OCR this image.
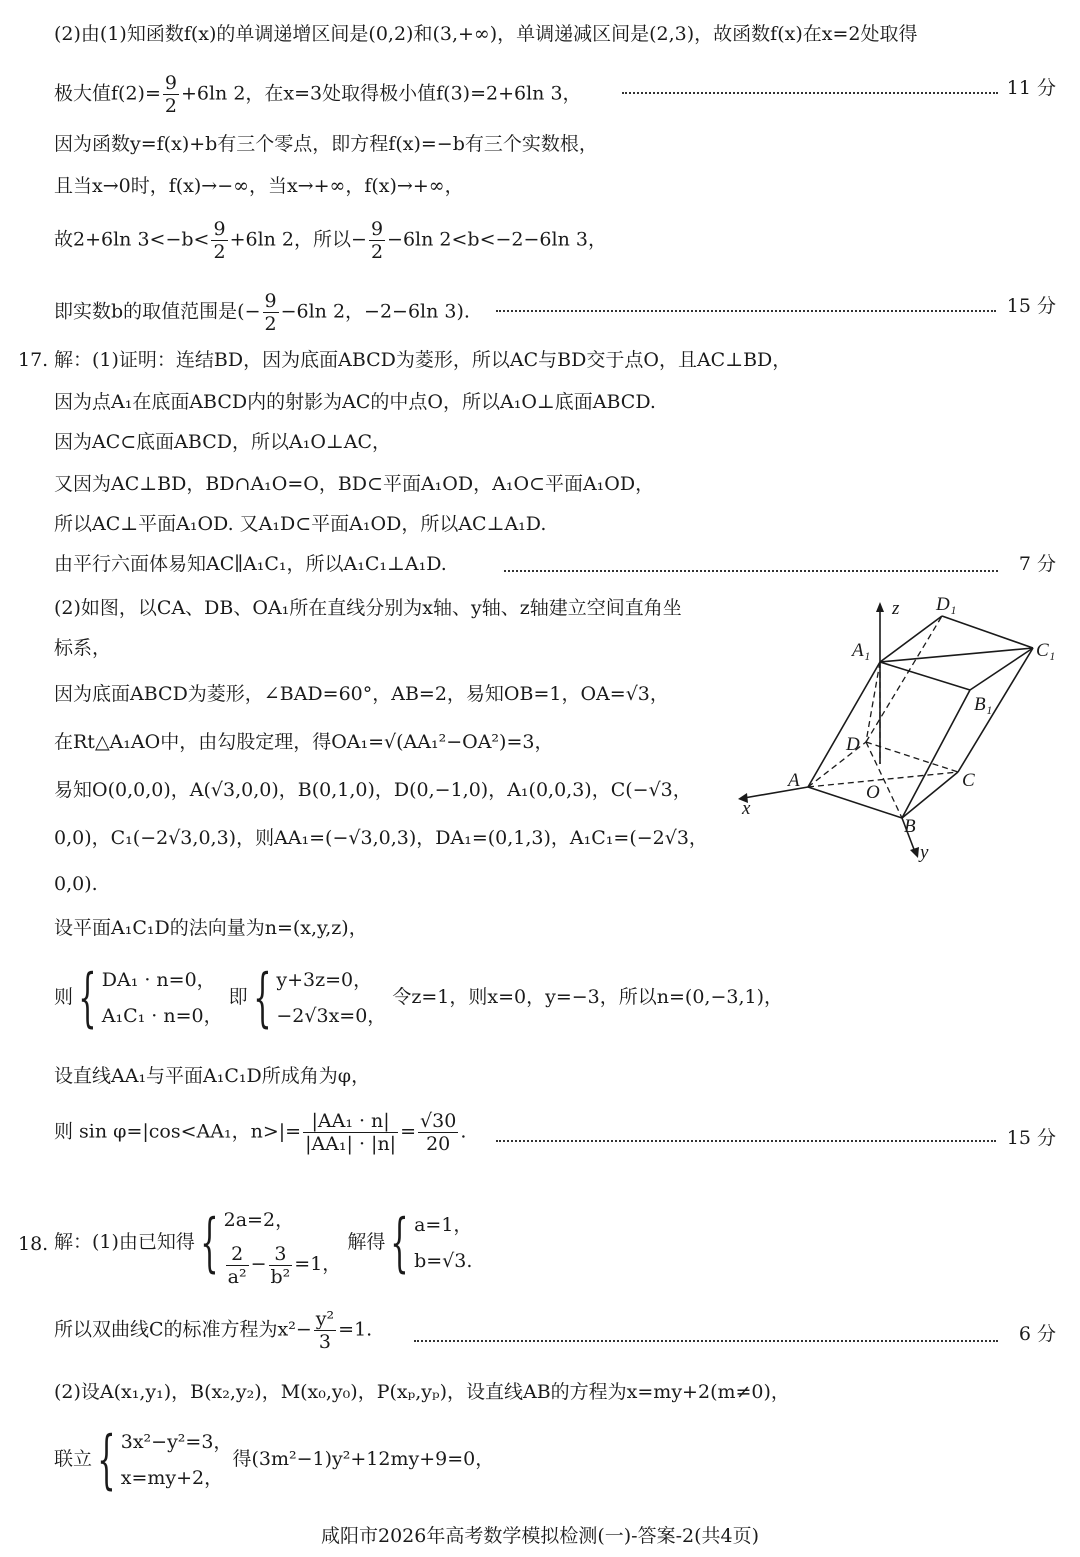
(2)由(1)知函数f(x)的单调递增区间是(0,2)和(3,+∞)，单调递减区间是(2,3)，故函数f(x)在x=2处取得
极大值$f(2)= \frac{9}{2} +6\ln$ 2，在x=3处取得极小值f(3)=2+6ln 3，	11 分
因为函数y=f(x)+b有三个零点，即方程f(x)=−b有三个实数根，
且当x→0时，f(x)→−∞，当x→+∞，f(x)→+∞，
故2+6ln $3<-b< \frac{9}{2} +6\ln$ 2，所以− $\frac{9}{2} -6\ln$ 2<b<−2−6ln 3，
即实数b的取值范围是(− $\frac{9}{2} -6\ln$ 2，−2−6ln 3).	15 分
17. 解：(1)证明：连结BD，因为底面ABCD为菱形，所以AC与BD交于点O，且AC⊥BD，
因为点A₁在底面ABCD内的射影为AC的中点O，所以A₁O⊥底面ABCD.
因为AC⊂底面ABCD，所以A₁O⊥AC，
又因为AC⊥BD，BD∩A₁O=O，BD⊂平面A₁OD，A₁O⊂平面A₁OD，
所以AC⊥平面A₁OD. 又A₁D⊂平面A₁OD，所以AC⊥A₁D.
由平行六面体易知AC∥A₁C₁，所以A₁C₁⊥A₁D.	7 分
(2)如图，以CA、DB、OA₁所在直线分别为x轴、y轴、z轴建立空间直角坐
标系，
因为底面ABCD为菱形，∠BAD=60°，AB=2，易知OB=1，OA=√3，
在Rt△A₁AO中，由勾股定理，得OA₁=√(AA₁²−OA²)=3，
易知O(0,0,0)，A(√3,0,0)，B(0,1,0)，D(0,−1,0)，A₁(0,0,3)，C(−√3，
0,0)，C₁(−2√3,0,3)，则AA₁=(−√3,0,3)，DA₁=(0,1,3)，A₁C₁=(−2√3，
0,0).
设平面A₁C₁D的法向量为n=(x,y,z)，
则{ DA₁ · n=0，
A₁C₁ · n=0，
即{ y+3z=0，
−2√3x=0，
令z=1，则x=0，y=−3，所以n=(0,−3,1)，
设直线AA₁与平面A₁C₁D所成角为φ，
则 sin φ=|cos<AA₁，$n>|= \frac{\text{|AA₁ · n|}}{\text{|AA₁| · |n|}} = \frac{√30}{20}$ .	15 分
z D₁
A₁	C₁
B₁
D
A
O
C
x
B
y
18. 解：(1)由已知得{ 2a=2，
$\frac{2}{\text{a²}} - \frac{3}{\text{b²}} =1$，
解得{ a=1，
b=√3.
所以双曲线C的标准方程为$x^2- \frac{\text{y²}}{3} =1$.	6 分
(2)设A(x₁,y₁)，B(x₂,y₂)，M(x₀,y₀)，P(xₚ,yₚ)，设直线AB的方程为x=my+2(m≠0)，
联立{ 3x²−y²=3，
x=my+2，
得(3m²−1)y²+12my+9=0，
咸阳市2026年高考数学模拟检测(一)-答案-2(共4页)
